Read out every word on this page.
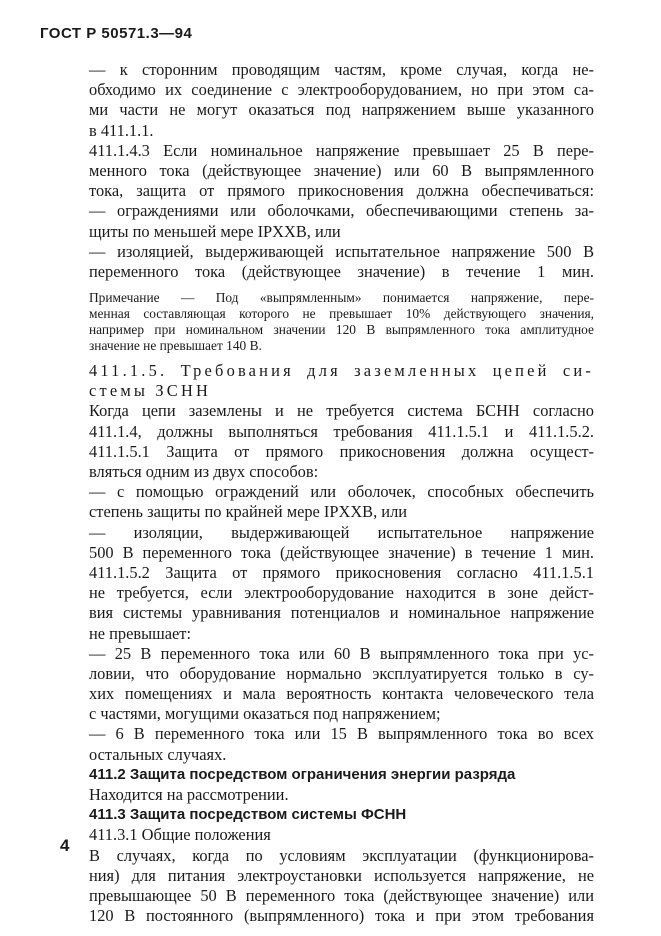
ГОСТ Р 50571.3—94
— к сторонним проводящим частям, кроме случая, когда не-
обходимо их соединение с электрооборудованием, но при этом са-
ми части не могут оказаться под напряжением выше указанного
в 411.1.1.
411.1.4.3 Если номинальное напряжение превышает 25 В пере-
менного тока (действующее значение) или 60 В выпрямленного
тока, защита от прямого прикосновения должна обеспечиваться:
— ограждениями или оболочками, обеспечивающими степень за-
щиты по меньшей мере IPXXB, или
— изоляцией, выдерживающей испытательное напряжение 500 В
переменного тока (действующее значение) в течение 1 мин.
Примечание — Под «выпрямленным» понимается напряжение, пере-
менная составляющая которого не превышает 10% действующего значения,
например при номинальном значении 120 В выпрямленного тока амплитудное
значение не превышает 140 В.
411.1.5. Требования для заземленных цепей си-
стемы ЗСНН
Когда цепи заземлены и не требуется система БСНН согласно
411.1.4, должны выполняться требования 411.1.5.1 и 411.1.5.2.
411.1.5.1 Защита от прямого прикосновения должна осущест-
вляться одним из двух способов:
— с помощью ограждений или оболочек, способных обеспечить
степень защиты по крайней мере IPXXB, или
— изоляции, выдерживающей испытательное напряжение
500 В переменного тока (действующее значение) в течение 1 мин.
411.1.5.2 Защита от прямого прикосновения согласно 411.1.5.1
не требуется, если электрооборудование находится в зоне дейст-
вия системы уравнивания потенциалов и номинальное напряжение
не превышает:
— 25 В переменного тока или 60 В выпрямленного тока при ус-
ловии, что оборудование нормально эксплуатируется только в су-
хих помещениях и мала вероятность контакта человеческого тела
с частями, могущими оказаться под напряжением;
— 6 В переменного тока или 15 В выпрямленного тока во всех
остальных случаях.
411.2 Защита посредством ограничения энергии разряда
Находится на рассмотрении.
411.3 Защита посредством системы ФСНН
411.3.1 Общие положения
В случаях, когда по условиям эксплуатации (функционирова-
ния) для питания электроустановки используется напряжение, не
превышающее 50 В переменного тока (действующее значение) или
120 В постоянного (выпрямленного) тока и при этом требования
4
